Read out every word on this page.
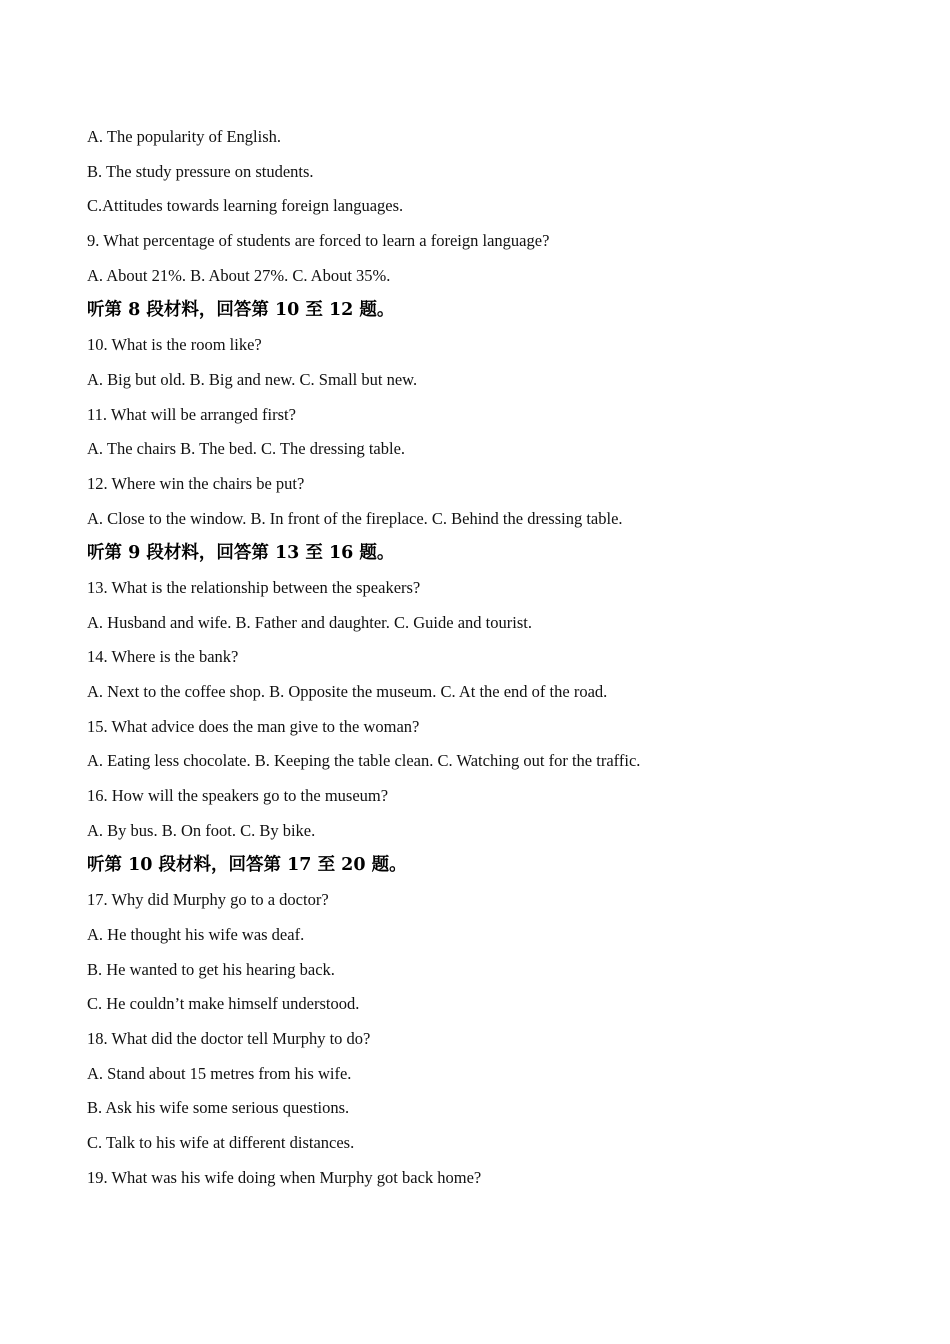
A. The popularity of English.
B. The study pressure on students.
C.Attitudes towards learning foreign languages.
9. What percentage of students are forced to learn a foreign language?
A. About 21%. B. About 27%. C. About 35%.
听第 8 段材料，回答第 10 至 12 题。
10. What is the room like?
A. Big but old. B. Big and new. C. Small but new.
11. What will be arranged first?
A. The chairs B. The bed. C. The dressing table.
12. Where win the chairs be put?
A. Close to the window. B. In front of the fireplace. C. Behind the dressing table.
听第 9 段材料，回答第 13 至 16 题。
13. What is the relationship between the speakers?
A. Husband and wife. B. Father and daughter. C. Guide and tourist.
14. Where is the bank?
A. Next to the coffee shop. B. Opposite the museum. C. At the end of the road.
15. What advice does the man give to the woman?
A. Eating less chocolate. B. Keeping the table clean. C. Watching out for the traffic.
16. How will the speakers go to the museum?
A. By bus. B. On foot. C. By bike.
听第 10 段材料，回答第 17 至 20 题。
17. Why did Murphy go to a doctor?
A. He thought his wife was deaf.
B. He wanted to get his hearing back.
C. He couldn’t make himself understood.
18. What did the doctor tell Murphy to do?
A. Stand about 15 metres from his wife.
B. Ask his wife some serious questions.
C. Talk to his wife at different distances.
19. What was his wife doing when Murphy got back home?
